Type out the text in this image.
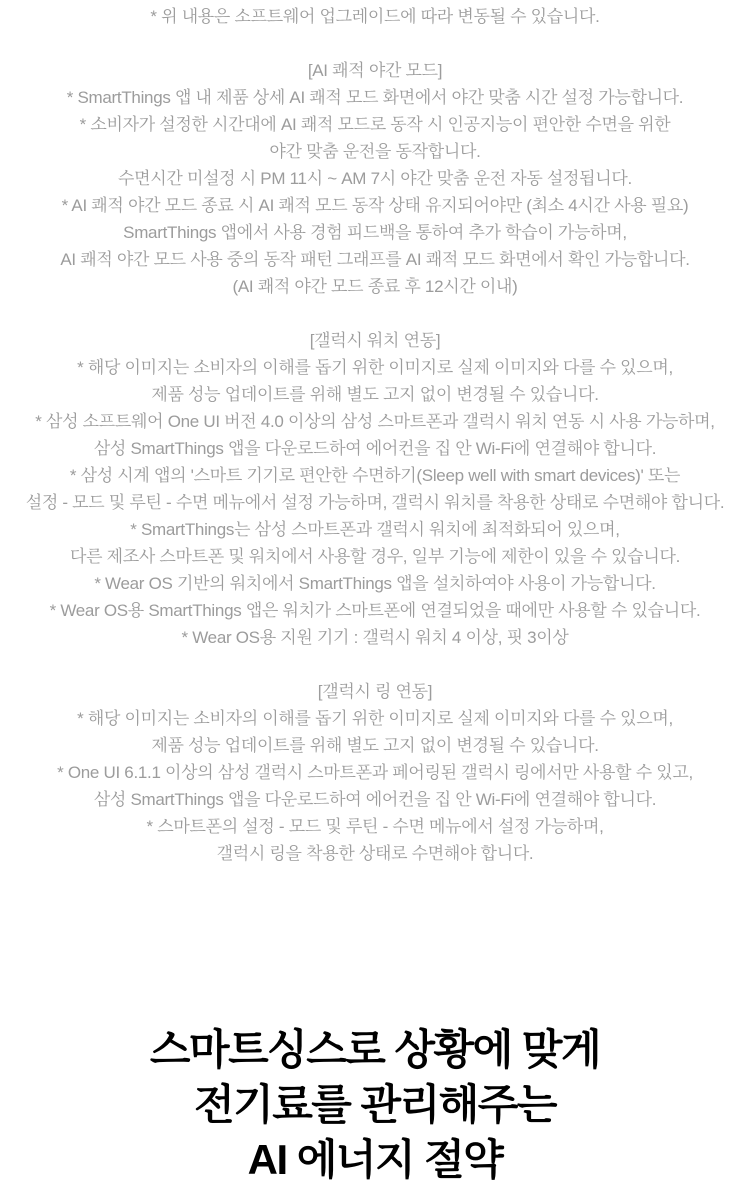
* 위 내용은 소프트웨어 업그레이드에 따라 변동될 수 있습니다.
[AI 쾌적 야간 모드]
* SmartThings 앱 내 제품 상세 AI 쾌적 모드 화면에서 야간 맞춤 시간 설정 가능합니다.
* 소비자가 설정한 시간대에 AI 쾌적 모드로 동작 시 인공지능이 편안한 수면을 위한
야간 맞춤 운전을 동작합니다.
수면시간 미설정 시 PM 11시 ~ AM 7시 야간 맞춤 운전 자동 설정됩니다.
* AI 쾌적 야간 모드 종료 시 AI 쾌적 모드 동작 상태 유지되어야만 (최소 4시간 사용 필요)
SmartThings 앱에서 사용 경험 피드백을 통하여 추가 학습이 가능하며,
AI 쾌적 야간 모드 사용 중의 동작 패턴 그래프를 AI 쾌적 모드 화면에서 확인 가능합니다.
(AI 쾌적 야간 모드 종료 후 12시간 이내)
[갤럭시 워치 연동]
* 해당 이미지는 소비자의 이해를 돕기 위한 이미지로 실제 이미지와 다를 수 있으며,
제품 성능 업데이트를 위해 별도 고지 없이 변경될 수 있습니다.
* 삼성 소프트웨어 One UI 버전 4.0 이상의 삼성 스마트폰과 갤럭시 워치 연동 시 사용 가능하며,
삼성 SmartThings 앱을 다운로드하여 에어컨을 집 안 Wi-Fi에 연결해야 합니다.
* 삼성 시계 앱의 '스마트 기기로 편안한 수면하기(Sleep well with smart devices)' 또는
설정 - 모드 및 루틴 - 수면 메뉴에서 설정 가능하며, 갤럭시 워치를 착용한 상태로 수면해야 합니다.
* SmartThings는 삼성 스마트폰과 갤럭시 워치에 최적화되어 있으며,
다른 제조사 스마트폰 및 워치에서 사용할 경우, 일부 기능에 제한이 있을 수 있습니다.
* Wear OS 기반의 워치에서 SmartThings 앱을 설치하여야 사용이 가능합니다.
* Wear OS용 SmartThings 앱은 워치가 스마트폰에 연결되었을 때에만 사용할 수 있습니다.
* Wear OS용 지원 기기 : 갤럭시 워치 4 이상, 핏 3이상
[갤럭시 링 연동]
* 해당 이미지는 소비자의 이해를 돕기 위한 이미지로 실제 이미지와 다를 수 있으며,
제품 성능 업데이트를 위해 별도 고지 없이 변경될 수 있습니다.
* One UI 6.1.1 이상의 삼성 갤럭시 스마트폰과 페어링된 갤럭시 링에서만 사용할 수 있고,
삼성 SmartThings 앱을 다운로드하여 에어컨을 집 안 Wi-Fi에 연결해야 합니다.
* 스마트폰의 설정 - 모드 및 루틴 - 수면 메뉴에서 설정 가능하며,
갤럭시 링을 착용한 상태로 수면해야 합니다.
스마트싱스로 상황에 맞게
전기료를 관리해주는
AI 에너지 절약
